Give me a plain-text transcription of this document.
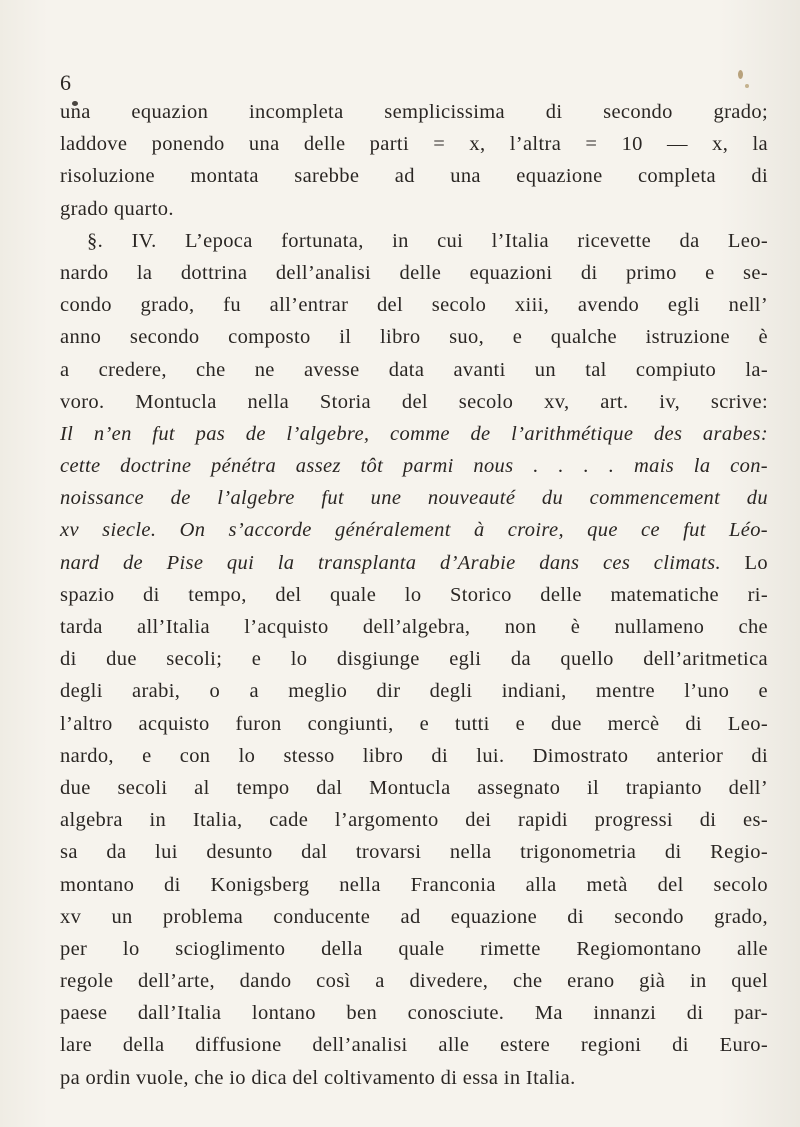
6
una equazion incompleta semplicissima di secondo grado;
laddove ponendo una delle parti = x, l’altra = 10 — x, la
risoluzione montata sarebbe ad una equazione completa di
grado quarto.
§. IV. L’epoca fortunata, in cui l’Italia ricevette da Leo-
nardo la dottrina dell’analisi delle equazioni di primo e se-
condo grado, fu all’entrar del secolo xiii, avendo egli nell’
anno secondo composto il libro suo, e qualche istruzione è
a credere, che ne avesse data avanti un tal compiuto la-
voro. Montucla nella Storia del secolo xv, art. iv, scrive:
Il n’en fut pas de l’algebre, comme de l’arithmétique des arabes:
cette doctrine pénétra assez tôt parmi nous . . . . mais la con-
noissance de l’algebre fut une nouveauté du commencement du
xv siecle. On s’accorde généralement à croire, que ce fut Léo-
nard de Pise qui la transplanta d’Arabie dans ces climats. Lo
spazio di tempo, del quale lo Storico delle matematiche ri-
tarda all’Italia l’acquisto dell’algebra, non è nullameno che
di due secoli; e lo disgiunge egli da quello dell’aritmetica
degli arabi, o a meglio dir degli indiani, mentre l’uno e
l’altro acquisto furon congiunti, e tutti e due mercè di Leo-
nardo, e con lo stesso libro di lui. Dimostrato anterior di
due secoli al tempo dal Montucla assegnato il trapianto dell’
algebra in Italia, cade l’argomento dei rapidi progressi di es-
sa da lui desunto dal trovarsi nella trigonometria di Regio-
montano di Konigsberg nella Franconia alla metà del secolo
xv un problema conducente ad equazione di secondo grado,
per lo scioglimento della quale rimette Regiomontano alle
regole dell’arte, dando così a divedere, che erano già in quel
paese dall’Italia lontano ben conosciute. Ma innanzi di par-
lare della diffusione dell’analisi alle estere regioni di Euro-
pa ordin vuole, che io dica del coltivamento di essa in Italia.
